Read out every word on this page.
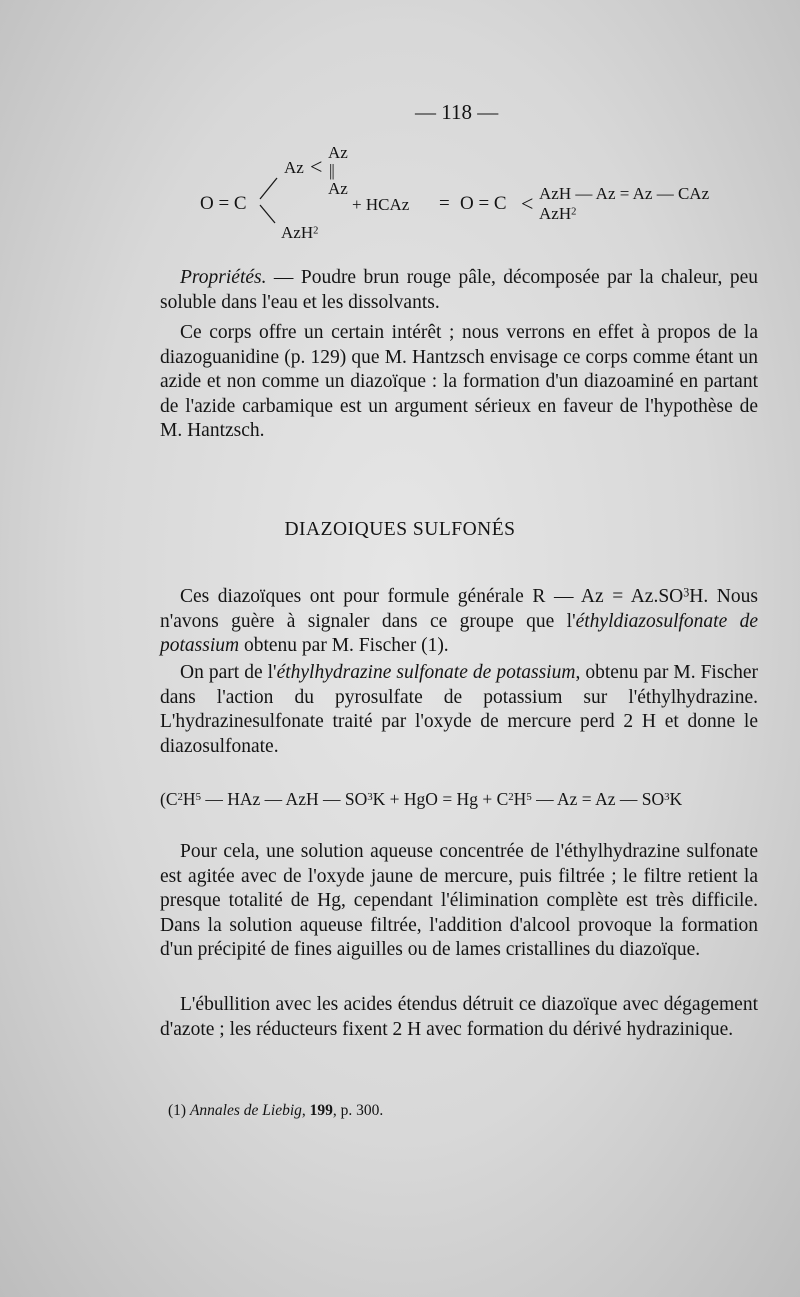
— 118 —
Az
Az < ||
Az
O = C
AzH$^2$
+ HCAz = O = C < AzH — Az = Az — CAz
AzH$^2$
Propriétés. — Poudre brun rouge pâle, décomposée par la chaleur, peu soluble dans l'eau et les dissolvants.
Ce corps offre un certain intérêt ; nous verrons en effet à propos de la diazoguanidine (p. 129) que M. Hantzsch envisage ce corps comme étant un azide et non comme un diazoïque : la formation d'un diazoaminé en partant de l'azide carbamique est un argument sérieux en faveur de l'hypothèse de M. Hantzsch.
DIAZOIQUES SULFONÉS
Ces diazoïques ont pour formule générale R — $Az = Az.SO^3H$. Nous n'avons guère à signaler dans ce groupe que l'éthyldiazosulfonate de potassium obtenu par M. Fischer (1).
On part de l'éthylhydrazine sulfonate de potassium, obtenu par M. Fischer dans l'action du pyrosulfate de potassium sur l'éthylhydrazine. L'hydrazinesulfonate traité par l'oxyde de mercure perd 2 H et donne le diazosulfonate.
($C^2H^5$ — HAz — AzH — $SO^3K$ + HgO = $Hg + C^2H^5$ — Az = Az — $SO^3K$
Pour cela, une solution aqueuse concentrée de l'éthylhydrazine sulfonate est agitée avec de l'oxyde jaune de mercure, puis filtrée ; le filtre retient la presque totalité de Hg, cependant l'élimination complète est très difficile. Dans la solution aqueuse filtrée, l'addition d'alcool provoque la formation d'un précipité de fines aiguilles ou de lames cristallines du diazoïque.
L'ébullition avec les acides étendus détruit ce diazoïque avec dégagement d'azote ; les réducteurs fixent 2 H avec formation du dérivé hydrazinique.
(1) Annales de Liebig, 199, p. 300.
